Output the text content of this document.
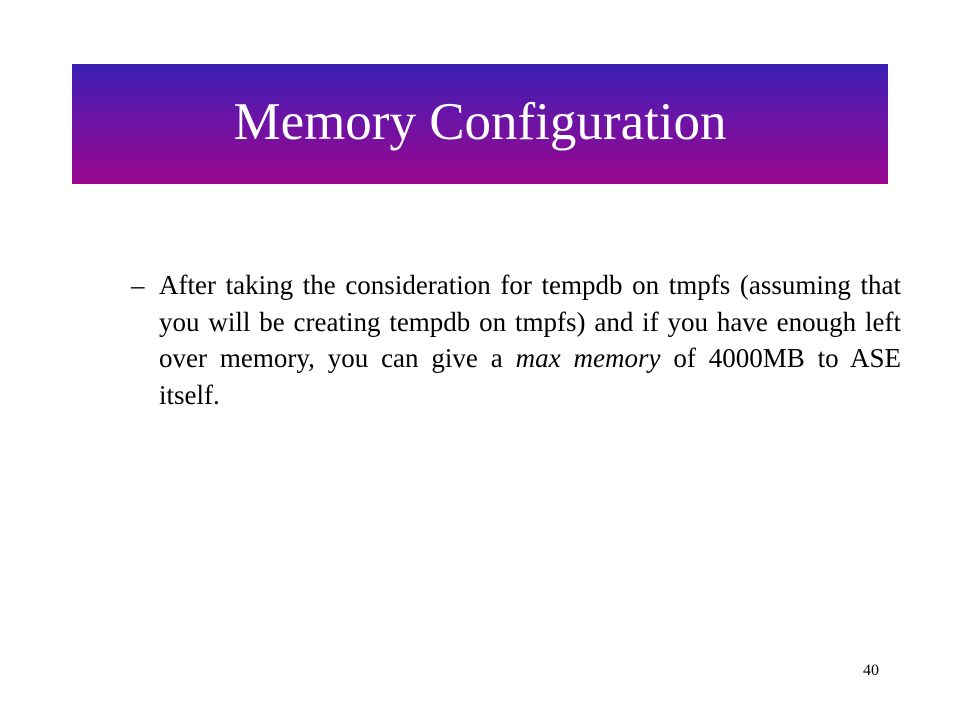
Memory Configuration
– After taking the consideration for tempdb on tmpfs (assuming that you will be creating tempdb on tmpfs) and if you have enough left over memory, you can give a max memory of 4000MB to ASE itself.
40
